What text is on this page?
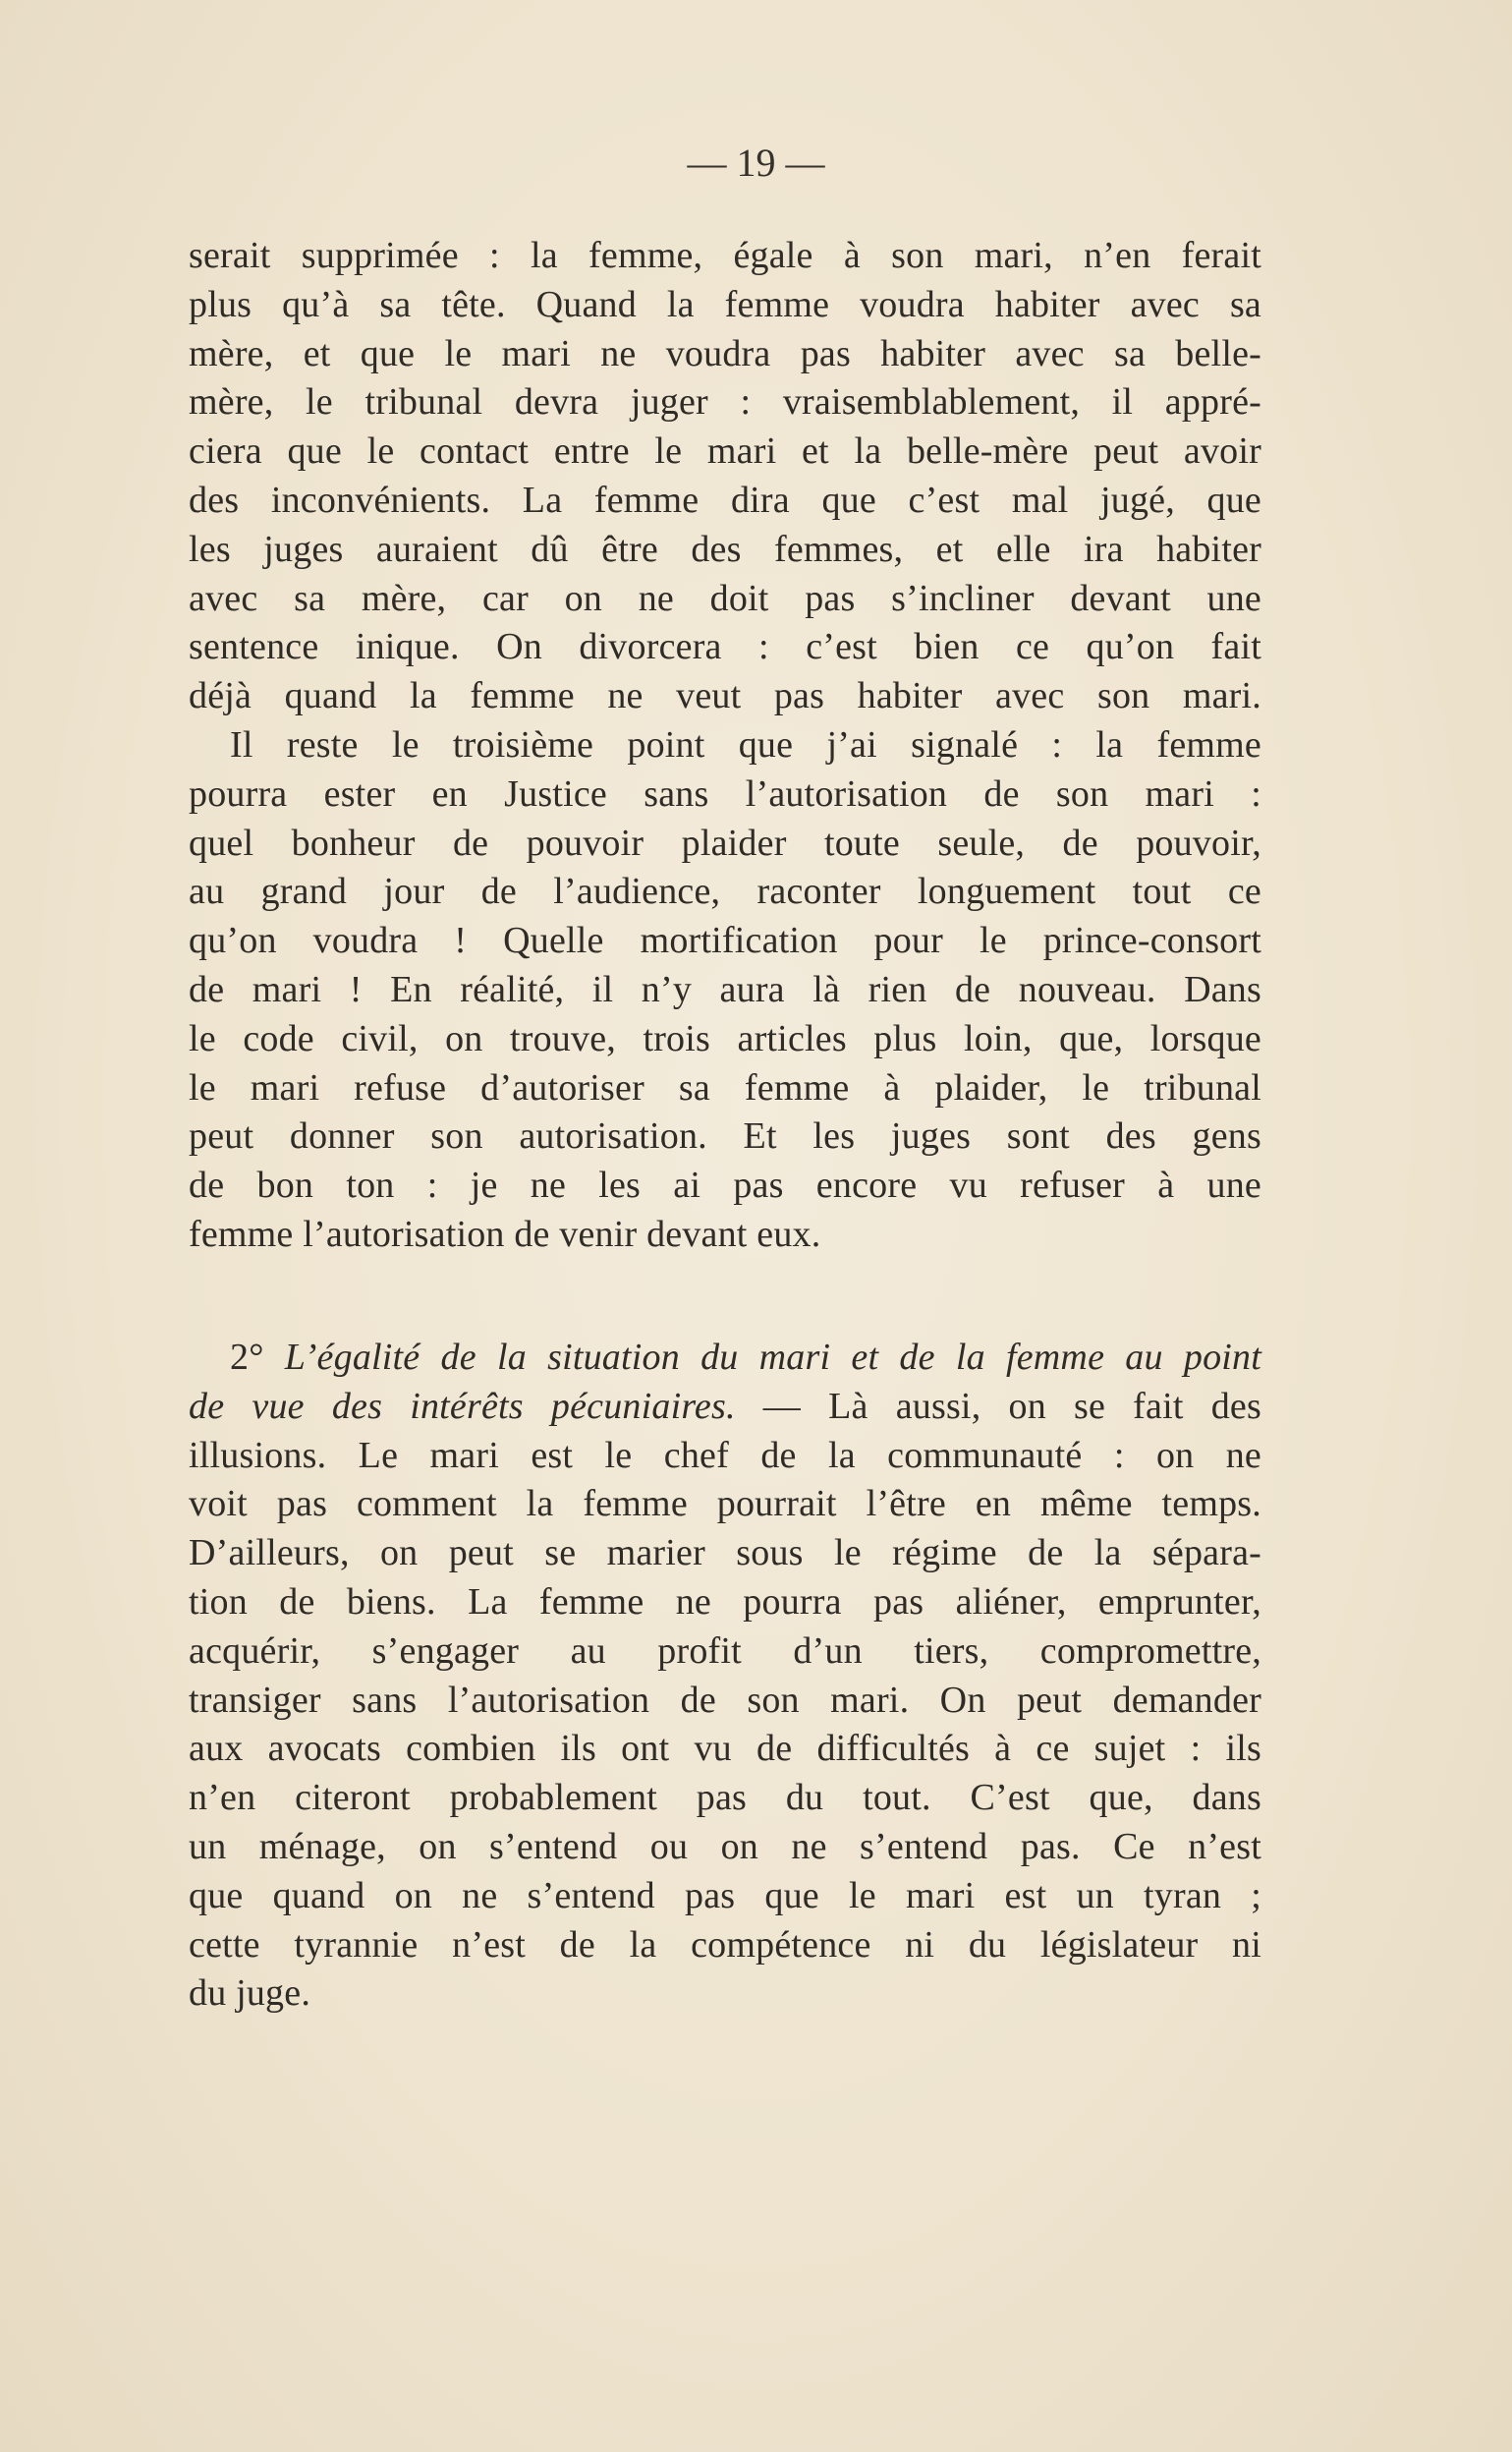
— 19 —
serait supprimée : la femme, égale à son mari, n’en ferait
plus qu’à sa tête. Quand la femme voudra habiter avec sa
mère, et que le mari ne voudra pas habiter avec sa belle-
mère, le tribunal devra juger : vraisemblablement, il appré-
ciera que le contact entre le mari et la belle-mère peut avoir
des inconvénients. La femme dira que c’est mal jugé, que
les juges auraient dû être des femmes, et elle ira habiter
avec sa mère, car on ne doit pas s’incliner devant une
sentence inique. On divorcera : c’est bien ce qu’on fait
déjà quand la femme ne veut pas habiter avec son mari.
Il reste le troisième point que j’ai signalé : la femme
pourra ester en Justice sans l’autorisation de son mari :
quel bonheur de pouvoir plaider toute seule, de pouvoir,
au grand jour de l’audience, raconter longuement tout ce
qu’on voudra ! Quelle mortification pour le prince-consort
de mari ! En réalité, il n’y aura là rien de nouveau. Dans
le code civil, on trouve, trois articles plus loin, que, lorsque
le mari refuse d’autoriser sa femme à plaider, le tribunal
peut donner son autorisation. Et les juges sont des gens
de bon ton : je ne les ai pas encore vu refuser à une
femme l’autorisation de venir devant eux.
2° L’égalité de la situation du mari et de la femme au point
de vue des intérêts pécuniaires. — Là aussi, on se fait des
illusions. Le mari est le chef de la communauté : on ne
voit pas comment la femme pourrait l’être en même temps.
D’ailleurs, on peut se marier sous le régime de la sépara-
tion de biens. La femme ne pourra pas aliéner, emprunter,
acquérir, s’engager au profit d’un tiers, compromettre,
transiger sans l’autorisation de son mari. On peut demander
aux avocats combien ils ont vu de difficultés à ce sujet : ils
n’en citeront probablement pas du tout. C’est que, dans
un ménage, on s’entend ou on ne s’entend pas. Ce n’est
que quand on ne s’entend pas que le mari est un tyran ;
cette tyrannie n’est de la compétence ni du législateur ni
du juge.
